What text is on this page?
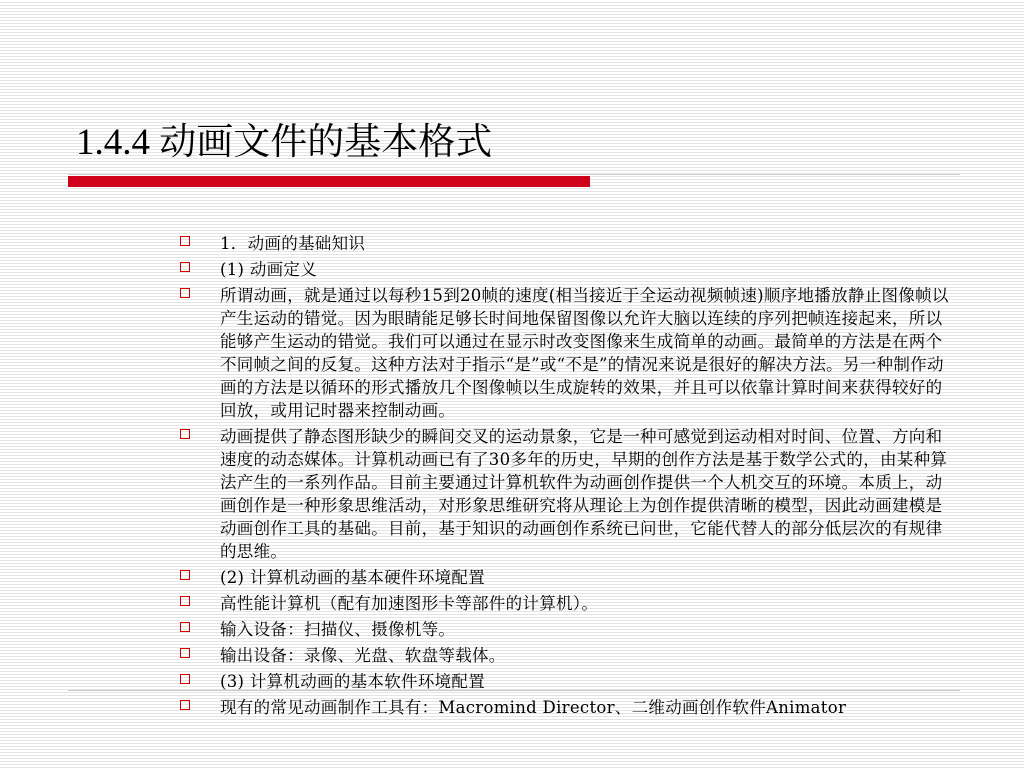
1.4.4 动画文件的基本格式
1．动画的基础知识
(1) 动画定义
所谓动画，就是通过以每秒15到20帧的速度(相当接近于全运动视频帧速)顺序地播放静止图像帧以产生运动的错觉。因为眼睛能足够长时间地保留图像以允许大脑以连续的序列把帧连接起来，所以能够产生运动的错觉。我们可以通过在显示时改变图像来生成简单的动画。最简单的方法是在两个不同帧之间的反复。这种方法对于指示“是”或“不是”的情况来说是很好的解决方法。另一种制作动画的方法是以循环的形式播放几个图像帧以生成旋转的效果，并且可以依靠计算时间来获得较好的回放，或用记时器来控制动画。
动画提供了静态图形缺少的瞬间交叉的运动景象，它是一种可感觉到运动相对时间、位置、方向和速度的动态媒体。计算机动画已有了30多年的历史，早期的创作方法是基于数学公式的，由某种算法产生的一系列作品。目前主要通过计算机软件为动画创作提供一个人机交互的环境。本质上，动画创作是一种形象思维活动，对形象思维研究将从理论上为创作提供清晰的模型，因此动画建模是动画创作工具的基础。目前，基于知识的动画创作系统已问世，它能代替人的部分低层次的有规律的思维。
(2) 计算机动画的基本硬件环境配置
高性能计算机（配有加速图形卡等部件的计算机）。
输入设备：扫描仪、摄像机等。
输出设备：录像、光盘、软盘等载体。
(3) 计算机动画的基本软件环境配置
现有的常见动画制作工具有：Macromind Director、二维动画创作软件Animator
